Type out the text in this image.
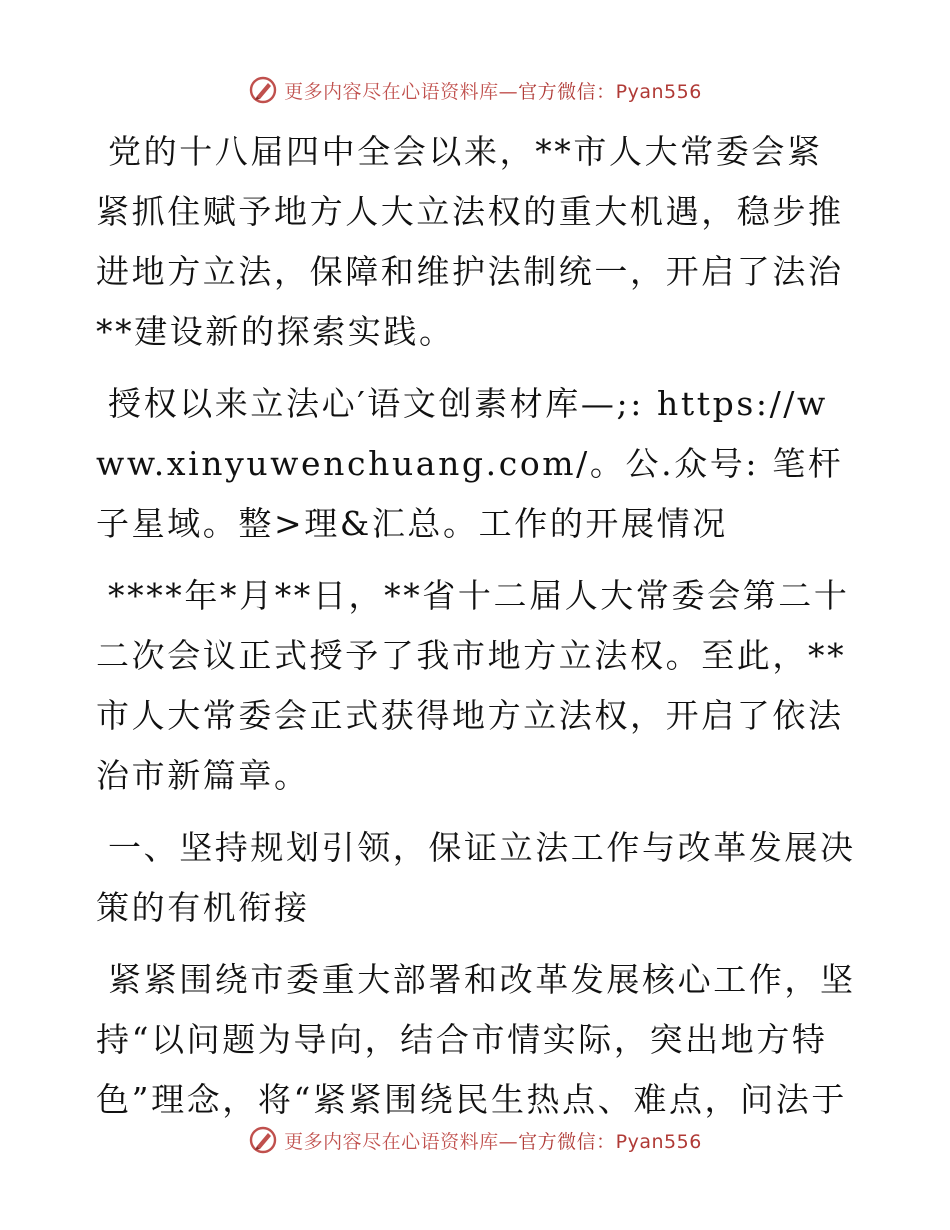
更多内容尽在心语资料库—官方微信：Pyan556

党的十八届四中全会以来，**市人大常委会紧紧抓住赋予地方人大立法权的重大机遇，稳步推进地方立法，保障和维护法制统一，开启了法治**建设新的探索实践。

授权以来立法心′语文创素材库—;: https://www.xinyuwenchuang.com/。公.众号: 笔杆子星域。整>理&汇总。工作的开展情况

****年*月**日，**省十二届人大常委会第二十二次会议正式授予了我市地方立法权。至此，**市人大常委会正式获得地方立法权，开启了依法治市新篇章。

一、坚持规划引领，保证立法工作与改革发展决策的有机衔接

紧紧围绕市委重大部署和改革发展核心工作，坚持“以问题为导向，结合市情实际，突出地方特色”理念，将“紧紧围绕民生热点、难点，问法于

更多内容尽在心语资料库—官方微信：Pyan556
